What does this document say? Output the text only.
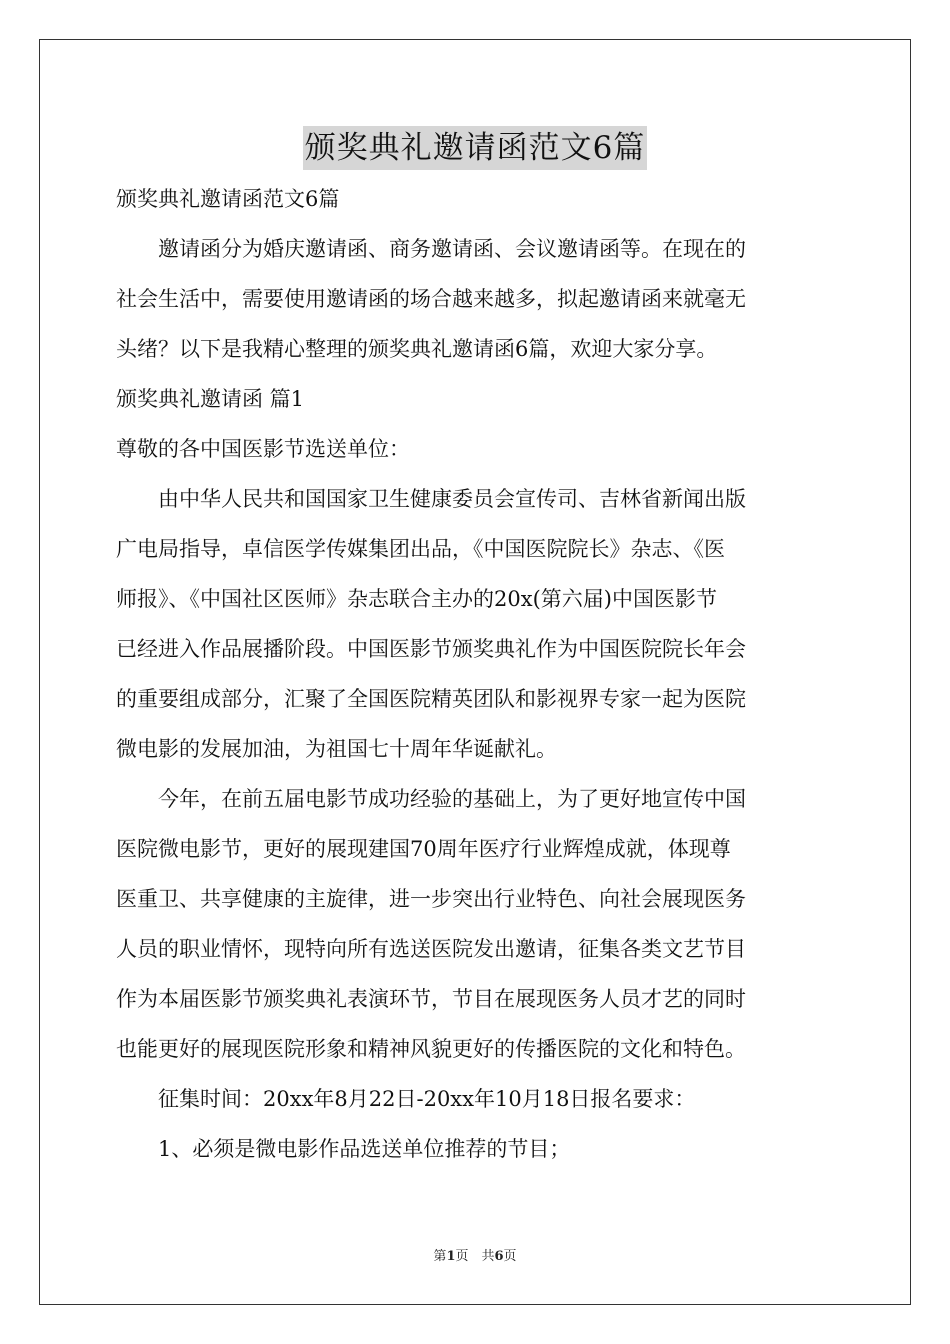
颁奖典礼邀请函范文6篇
颁奖典礼邀请函范文6篇
邀请函分为婚庆邀请函、商务邀请函、会议邀请函等。在现在的
社会生活中，需要使用邀请函的场合越来越多，拟起邀请函来就毫无
头绪？以下是我精心整理的颁奖典礼邀请函6篇，欢迎大家分享。
颁奖典礼邀请函 篇1
尊敬的各中国医影节选送单位：
由中华人民共和国国家卫生健康委员会宣传司、吉林省新闻出版
广电局指导，卓信医学传媒集团出品，《中国医院院长》杂志、《医
师报》、《中国社区医师》杂志联合主办的20x(第六届)中国医影节
已经进入作品展播阶段。中国医影节颁奖典礼作为中国医院院长年会
的重要组成部分，汇聚了全国医院精英团队和影视界专家一起为医院
微电影的发展加油，为祖国七十周年华诞献礼。
今年，在前五届电影节成功经验的基础上，为了更好地宣传中国
医院微电影节，更好的展现建国70周年医疗行业辉煌成就，体现尊
医重卫、共享健康的主旋律，进一步突出行业特色、向社会展现医务
人员的职业情怀，现特向所有选送医院发出邀请，征集各类文艺节目
作为本届医影节颁奖典礼表演环节，节目在展现医务人员才艺的同时
也能更好的展现医院形象和精神风貌更好的传播医院的文化和特色。
征集时间：20xx年8月22日-20xx年10月18日报名要求：
1、必须是微电影作品选送单位推荐的节目；
第1页　共6页
